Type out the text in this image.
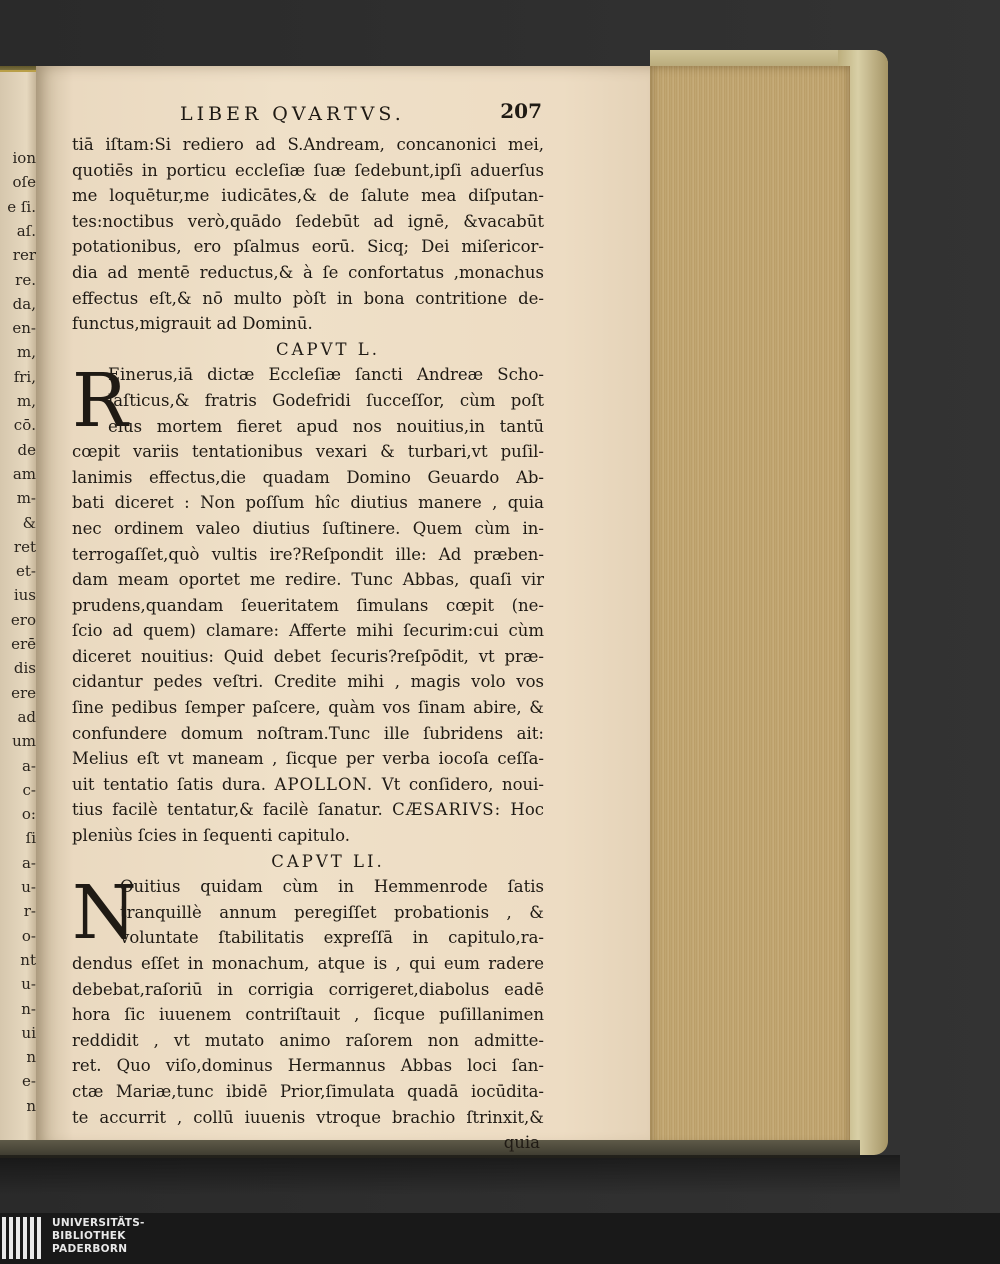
ion
oſe
e ſi.
aſ.
rer
re.
da,
en-
m,
fri,
m,
cō.
de
am
m-
&
ret
et-
ius
ero
erē
dis
ere
ad
um
a-
c-
o:
ſi
a-
u-
r-
o-
nt
u-
n-
ui
n
e-
n
LIBER QVARTVS.	207
tiā iſtam:Si rediero ad S.Andream, concanonici mei,
quotiēs in porticu eccleſiæ ſuæ ſedebunt,ipſi aduerſus
me loquētur,me iudicātes,& de ſalute mea diſputan-
tes:noctibus verò,quādo ſedebūt ad ignē, &vacabūt
potationibus, ero pſalmus eorū. Sicq; Dei miſericor-
dia ad mentē reductus,& à ſe confortatus ,monachus
effectus eſt,& nō multo pòſt in bona contritione de-
functus,migrauit ad Dominū.
CAPVT L.
R
Einerus,iā dictæ Eccleſiæ ſancti Andreæ Scho-
laſticus,& fratris Godefridi ſucceſſor, cùm poſt
eius mortem fieret apud nos nouitius,in tantū
cœpit variis tentationibus vexari & turbari,vt puſil-
lanimis effectus,die quadam Domino Geuardo Ab-
bati diceret : Non poſſum hîc diutius manere , quia
nec ordinem valeo diutius ſuſtinere. Quem cùm in-
terrogaſſet,quò vultis ire?Reſpondit ille: Ad præben-
dam meam oportet me redire. Tunc Abbas, quaſi vir
prudens,quandam ſeueritatem ſimulans cœpit (ne-
ſcio ad quem) clamare: Afferte mihi ſecurim:cui cùm
diceret nouitius: Quid debet ſecuris?reſpōdit, vt præ-
cidantur pedes veſtri. Credite mihi , magis volo vos
ſine pedibus ſemper paſcere, quàm vos ſinam abire, &
confundere domum noſtram.Tunc ille ſubridens ait:
Melius eſt vt maneam , ſicque per verba iocoſa ceſſa-
uit tentatio ſatis dura. APOLLON. Vt conſidero, noui-
tius facilè tentatur,& facilè ſanatur. CÆSARIVS: Hoc
pleniùs ſcies in ſequenti capitulo.
CAPVT LI.
N
Ouitius quidam cùm in Hemmenrode ſatis
tranquillè annum peregiſſet probationis , &
voluntate ſtabilitatis expreſſā in capitulo,ra-
dendus eſſet in monachum, atque is , qui eum radere
debebat,raſoriū in corrigia corrigeret,diabolus eadē
hora ſic iuuenem contriſtauit , ſicque puſillanimen
reddidit , vt mutato animo raſorem non admitte-
ret. Quo viſo,dominus Hermannus Abbas loci ſan-
ctæ Mariæ,tunc ibidē Prior,ſimulata quadā iocūdita-
te accurrit , collū iuuenis vtroque brachio ſtrinxit,&
quia
UNIVERSITÄTS-
BIBLIOTHEK
PADERBORN
